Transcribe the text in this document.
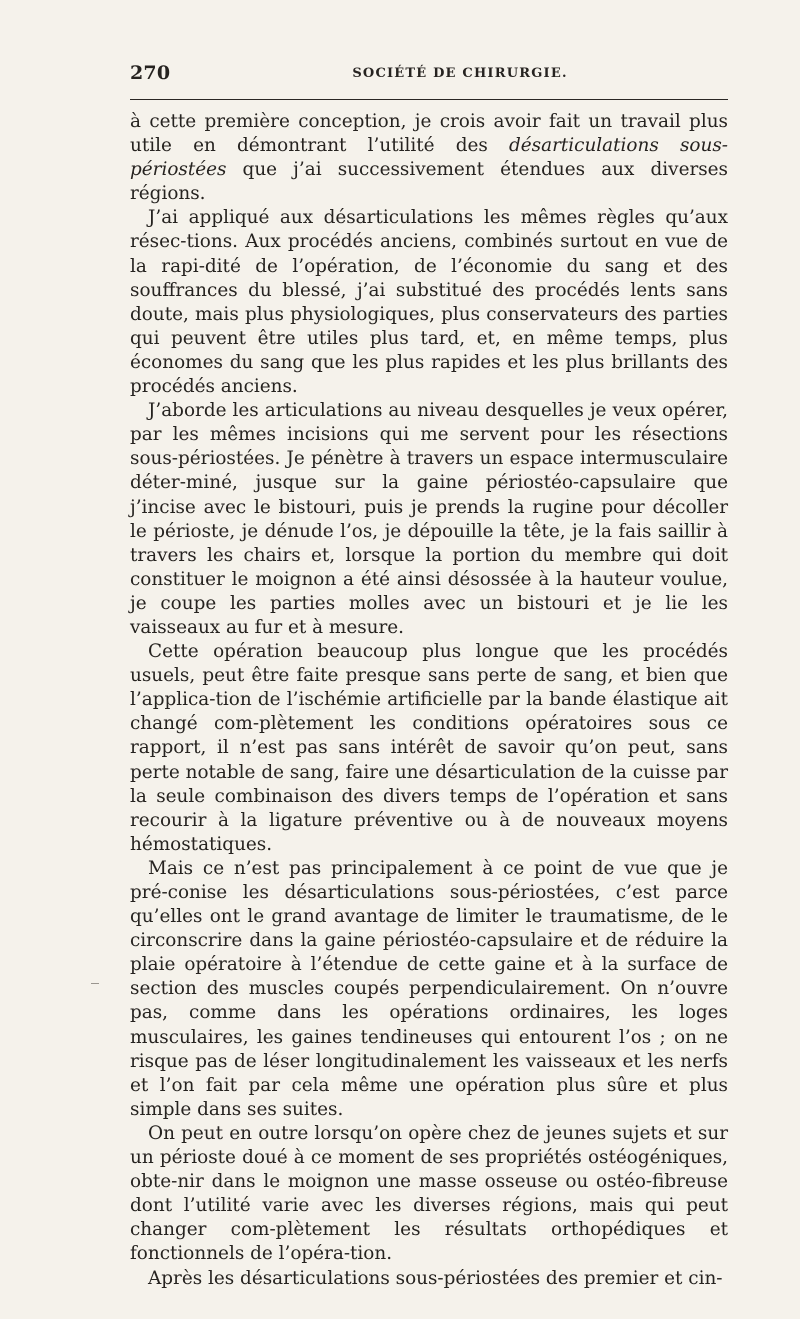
270	SOCIÉTÉ DE CHIRURGIE.

à cette première conception, je crois avoir fait un travail plus utile en démontrant l’utilité des désarticulations sous-périostées que j’ai successivement étendues aux diverses régions.

J’ai appliqué aux désarticulations les mêmes règles qu’aux résec-tions. Aux procédés anciens, combinés surtout en vue de la rapi-dité de l’opération, de l’économie du sang et des souffrances du blessé, j’ai substitué des procédés lents sans doute, mais plus physiologiques, plus conservateurs des parties qui peuvent être utiles plus tard, et, en même temps, plus économes du sang que les plus rapides et les plus brillants des procédés anciens.

J’aborde les articulations au niveau desquelles je veux opérer, par les mêmes incisions qui me servent pour les résections sous-périostées. Je pénètre à travers un espace intermusculaire déter-miné, jusque sur la gaine périostéo-capsulaire que j’incise avec le bistouri, puis je prends la rugine pour décoller le périoste, je dénude l’os, je dépouille la tête, je la fais saillir à travers les chairs et, lorsque la portion du membre qui doit constituer le moignon a été ainsi désossée à la hauteur voulue, je coupe les parties molles avec un bistouri et je lie les vaisseaux au fur et à mesure.

Cette opération beaucoup plus longue que les procédés usuels, peut être faite presque sans perte de sang, et bien que l’applica-tion de l’ischémie artificielle par la bande élastique ait changé com-plètement les conditions opératoires sous ce rapport, il n’est pas sans intérêt de savoir qu’on peut, sans perte notable de sang, faire une désarticulation de la cuisse par la seule combinaison des divers temps de l’opération et sans recourir à la ligature préventive ou à de nouveaux moyens hémostatiques.

Mais ce n’est pas principalement à ce point de vue que je pré-conise les désarticulations sous-périostées, c’est parce qu’elles ont le grand avantage de limiter le traumatisme, de le circonscrire dans la gaine périostéo-capsulaire et de réduire la plaie opératoire à l’étendue de cette gaine et à la surface de section des muscles coupés perpendiculairement. On n’ouvre pas, comme dans les opérations ordinaires, les loges musculaires, les gaines tendineuses qui entourent l’os ; on ne risque pas de léser longitudinalement les vaisseaux et les nerfs et l’on fait par cela même une opération plus sûre et plus simple dans ses suites.

On peut en outre lorsqu’on opère chez de jeunes sujets et sur un périoste doué à ce moment de ses propriétés ostéogéniques, obte-nir dans le moignon une masse osseuse ou ostéo-fibreuse dont l’utilité varie avec les diverses régions, mais qui peut changer com-plètement les résultats orthopédiques et fonctionnels de l’opéra-tion.

Après les désarticulations sous-périostées des premier et cin-
